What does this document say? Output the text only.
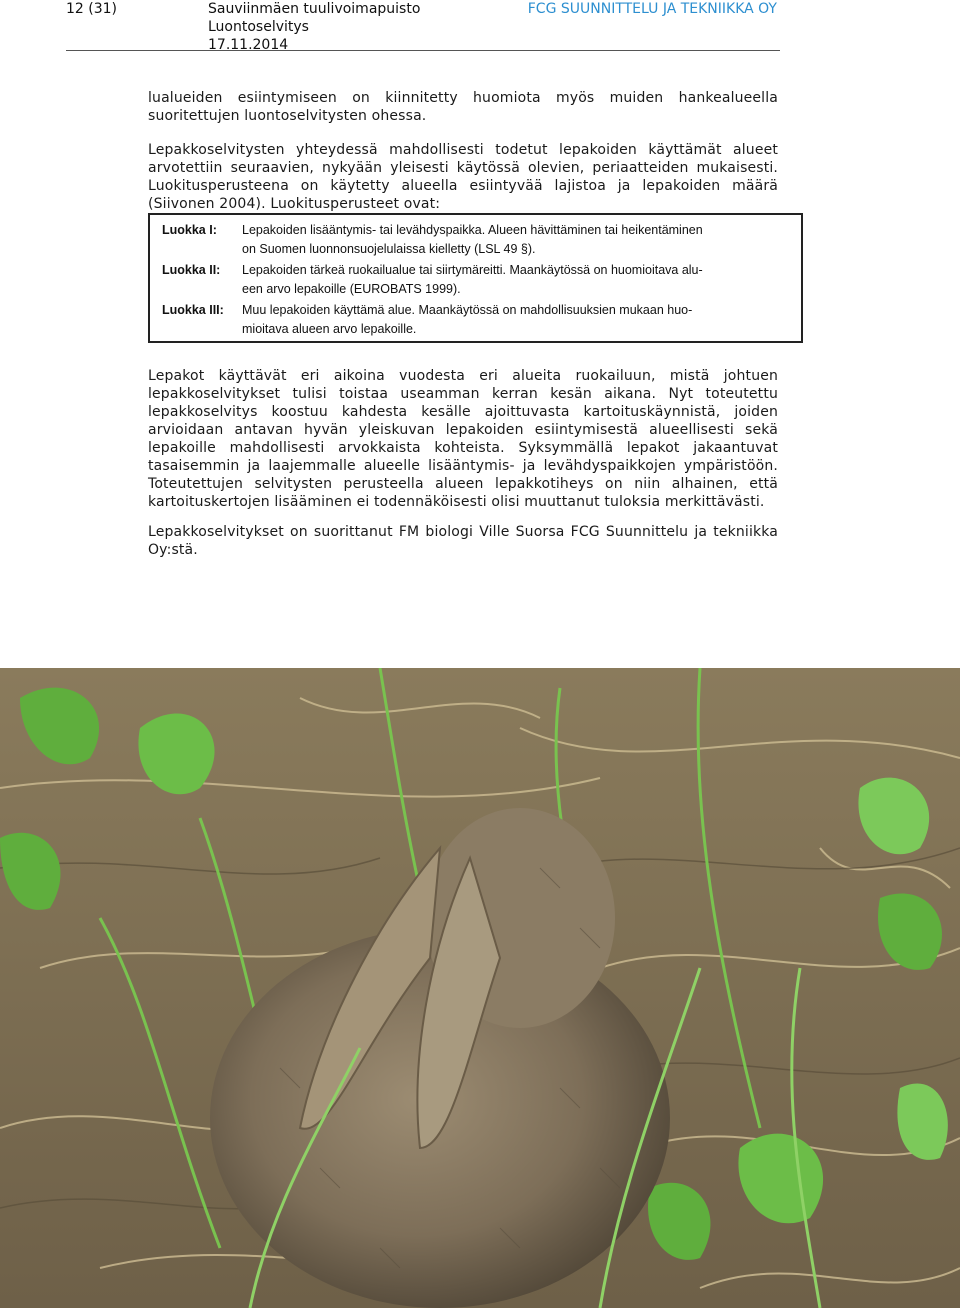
12 (31)	Sauviinmäen tuulivoimapuisto
Luontoselvitys
17.11.2014
FCG SUUNNITTELU JA TEKNIIKKA OY

lualueiden esiintymiseen on kiinnitetty huomiota myös muiden hankealueella suoritettujen luontoselvitysten ohessa.

Lepakkoselvitysten yhteydessä mahdollisesti todetut lepakoiden käyttämät alueet arvotettiin seuraavien, nykyään yleisesti käytössä olevien, periaatteiden mukaisesti. Luokitusperusteena on käytetty alueella esiintyvää lajistoa ja lepakoiden määrä (Siivonen 2004). Luokitusperusteet ovat:

Luokka I: Lepakoiden lisääntymis- tai levähdyspaikka. Alueen hävittäminen tai heikentäminen
on Suomen luonnonsuojelulaissa kielletty (LSL 49 §).
Luokka II: Lepakoiden tärkeä ruokailualue tai siirtymäreitti. Maankäytössä on huomioitava alu-
een arvo lepakoille (EUROBATS 1999).
Luokka III: Muu lepakoiden käyttämä alue. Maankäytössä on mahdollisuuksien mukaan huo-
mioitava alueen arvo lepakoille.

Lepakot käyttävät eri aikoina vuodesta eri alueita ruokailuun, mistä johtuen lepakkoselvitykset tulisi toistaa useamman kerran kesän aikana. Nyt toteutettu lepakkoselvitys koostuu kahdesta kesälle ajoittuvasta kartoituskäynnistä, joiden arvioidaan antavan hyvän yleiskuvan lepakoiden esiintymisestä alueellisesti sekä lepakoille mahdollisesti arvokkaista kohteista. Syksymmällä lepakot jakaantuvat tasaisemmin ja laajemmalle alueelle lisääntymis- ja levähdyspaikkojen ympäristöön. Toteutettujen selvitysten perusteella alueen lepakkotiheys on niin alhainen, että kartoituskertojen lisääminen ei todennäköisesti olisi muuttanut tuloksia merkittävästi.

Lepakkoselvitykset on suorittanut FM biologi Ville Suorsa FCG Suunnittelu ja tekniikka Oy:stä.
